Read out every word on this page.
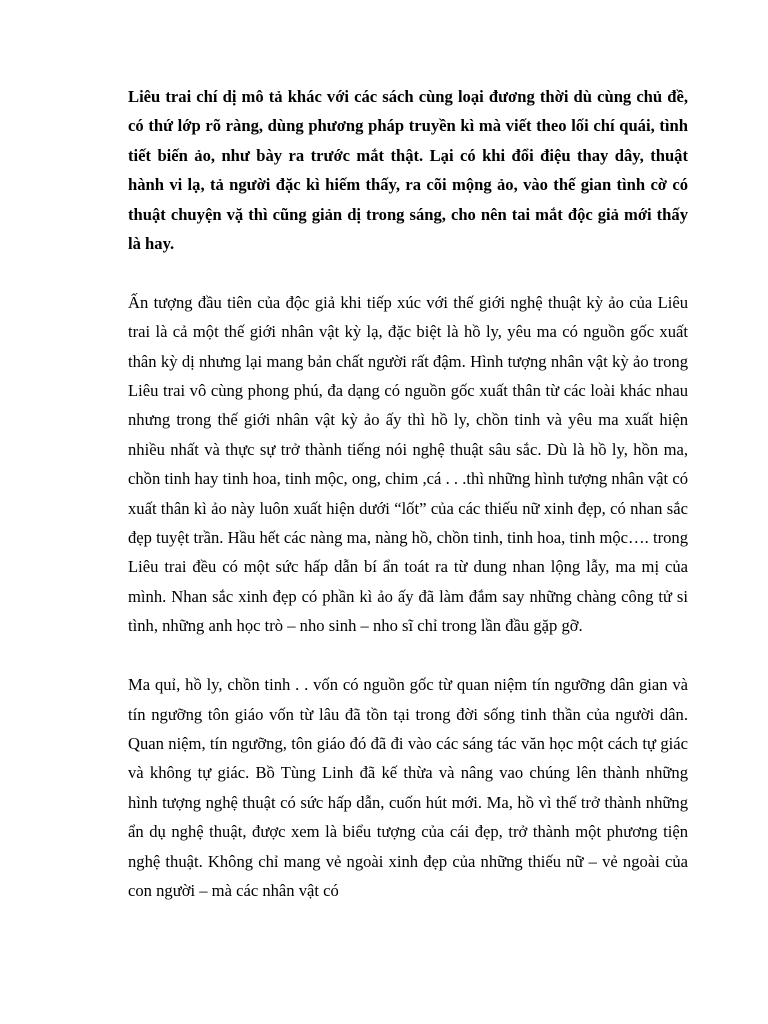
Liêu trai chí dị mô tả khác với các sách cùng loại đương thời dù cùng chủ đề, có thứ lớp rõ ràng, dùng phương pháp truyền kì mà viết theo lối chí quái, tình tiết biến ảo, như bày ra trước mắt thật. Lại có khi đổi điệu thay dây, thuật hành vi lạ, tả người đặc kì hiếm thấy, ra cõi mộng ảo, vào thế gian tình cờ có thuật chuyện vặ thì cũng giản dị trong sáng, cho nên tai mắt độc giả mới thấy là hay.

Ấn tượng đầu tiên của độc giả khi tiếp xúc với thế giới nghệ thuật kỳ ảo của Liêu trai là cả một thế giới nhân vật kỳ lạ, đặc biệt là hồ ly, yêu ma có nguồn gốc xuất thân kỳ dị nhưng lại mang bản chất người rất đậm. Hình tượng nhân vật kỳ ảo trong Liêu trai vô cùng phong phú, đa dạng có nguồn gốc xuất thân từ các loài khác nhau nhưng trong thế giới nhân vật kỳ ảo ấy thì hồ ly, chồn tinh và yêu ma xuất hiện nhiều nhất và thực sự trở thành tiếng nói nghệ thuật sâu sắc. Dù là hồ ly, hồn ma, chồn tinh hay tinh hoa, tinh mộc, ong, chim ,cá . . .thì những hình tượng nhân vật có xuất thân kì ảo này luôn xuất hiện dưới “lốt” của các thiếu nữ xinh đẹp, có nhan sắc đẹp tuyệt trần. Hầu hết các nàng ma, nàng hồ, chồn tinh, tinh hoa, tinh mộc…. trong Liêu trai đều có một sức hấp dẫn bí ẩn toát ra từ dung nhan lộng lẫy, ma mị của mình. Nhan sắc xinh đẹp có phần kì ảo ấy đã làm đắm say những chàng công tử si tình, những anh học trò – nho sinh – nho sĩ chỉ trong lần đầu gặp gỡ.

Ma quỉ, hồ ly, chồn tinh . . vốn có nguồn gốc từ quan niệm tín ngưỡng dân gian và tín ngưỡng tôn giáo vốn từ lâu đã tồn tại trong đời sống tinh thần của người dân. Quan niệm, tín ngưỡng, tôn giáo đó đã đi vào các sáng tác văn học một cách tự giác và không tự giác. Bồ Tùng Linh đã kế thừa và nâng vao chúng lên thành những hình tượng nghệ thuật có sức hấp dẫn, cuốn hút mới. Ma, hồ vì thế trở thành những ẩn dụ nghệ thuật, được xem là biểu tượng của cái đẹp, trở thành một phương tiện nghệ thuật. Không chỉ mang vẻ ngoài xinh đẹp của những thiếu nữ – vẻ ngoài của con người – mà các nhân vật có
